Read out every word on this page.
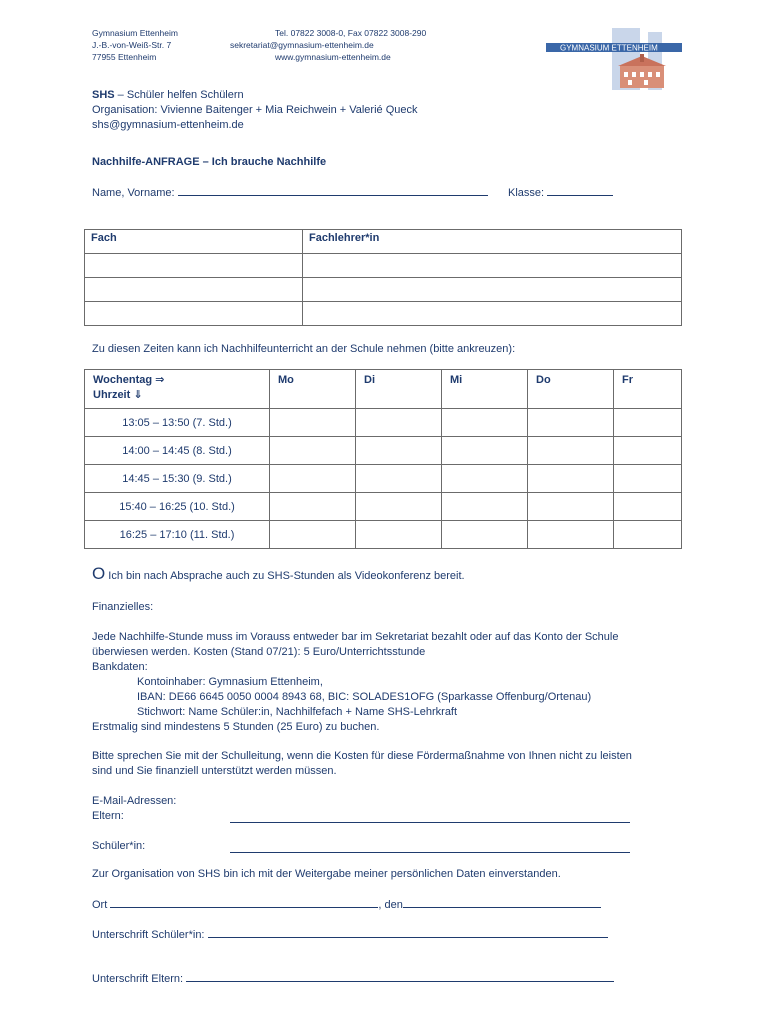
Gymnasium Ettenheim
J.-B.-von-Weiß-Str. 7
77955 Ettenheim
Tel. 07822 3008-0, Fax 07822 3008-290
sekretariat@gymnasium-ettenheim.de
www.gymnasium-ettenheim.de
GYMNASIUM ETTENHEIM
SHS – Schüler helfen Schülern
Organisation: Vivienne Baitenger + Mia Reichwein + Valerié Queck
shs@gymnasium-ettenheim.de
Nachhilfe-ANFRAGE – Ich brauche Nachhilfe
Name, Vorname:	Klasse:
Fach	Fachlehrer*in

Zu diesen Zeiten kann ich Nachhilfeunterricht an der Schule nehmen (bitte ankreuzen):
Wochentag ⇒
Uhrzeit ⇓	Mo	Di	Mi	Do	Fr
13:05 – 13:50 (7. Std.)					
14:00 – 14:45 (8. Std.)					
14:45 – 15:30 (9. Std.)					
15:40 – 16:25 (10. Std.)					
16:25 – 17:10 (11. Std.)					
O Ich bin nach Absprache auch zu SHS-Stunden als Videokonferenz bereit.
Finanzielles:
Jede Nachhilfe-Stunde muss im Vorauss entweder bar im Sekretariat bezahlt oder auf das Konto der Schule
überwiesen werden. Kosten (Stand 07/21): 5 Euro/Unterrichtsstunde
Bankdaten:
Kontoinhaber: Gymnasium Ettenheim,
IBAN: DE66 6645 0050 0004 8943 68, BIC: SOLADES1OFG (Sparkasse Offenburg/Ortenau)
Stichwort: Name Schüler:in, Nachhilfefach + Name SHS-Lehrkraft
Erstmalig sind mindestens 5 Stunden (25 Euro) zu buchen.
Bitte sprechen Sie mit der Schulleitung, wenn die Kosten für diese Fördermaßnahme von Ihnen nicht zu leisten
sind und Sie finanziell unterstützt werden müssen.
E-Mail-Adressen:
Eltern:
Schüler*in:
Zur Organisation von SHS bin ich mit der Weitergabe meiner persönlichen Daten einverstanden.
Ort	, den
Unterschrift Schüler*in:
Unterschrift Eltern:
